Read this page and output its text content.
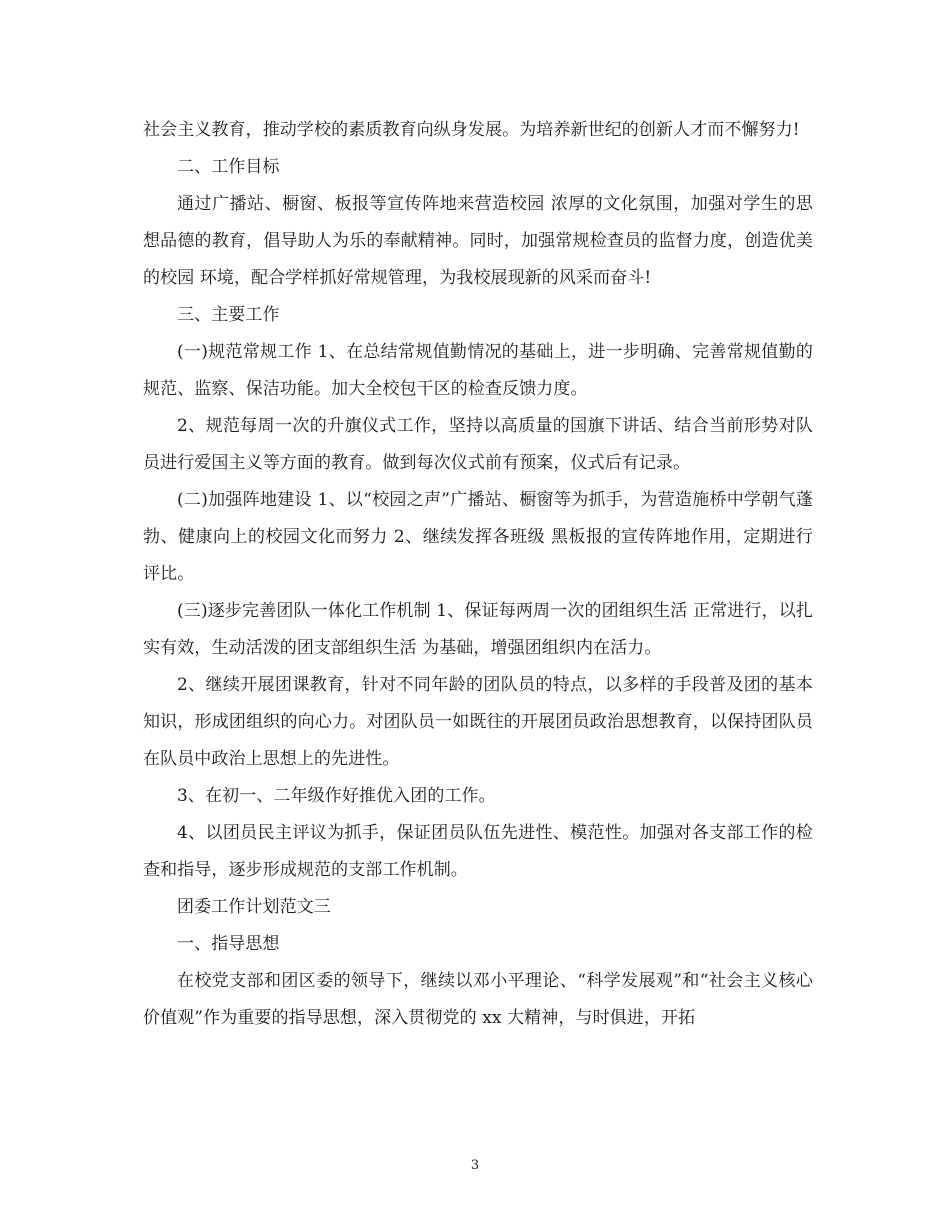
社会主义教育，推动学校的素质教育向纵身发展。为培养新世纪的创新人才而不懈努力!

二、工作目标

通过广播站、橱窗、板报等宣传阵地来营造校园 浓厚的文化氛围，加强对学生的思想品德的教育，倡导助人为乐的奉献精神。同时，加强常规检查员的监督力度，创造优美的校园 环境，配合学样抓好常规管理，为我校展现新的风采而奋斗!

三、主要工作

(一)规范常规工作 1、在总结常规值勤情况的基础上，进一步明确、完善常规值勤的规范、监察、保洁功能。加大全校包干区的检查反馈力度。

2、规范每周一次的升旗仪式工作，坚持以高质量的国旗下讲话、结合当前形势对队员进行爱国主义等方面的教育。做到每次仪式前有预案，仪式后有记录。

(二)加强阵地建设 1、以“校园之声”广播站、橱窗等为抓手，为营造施桥中学朝气蓬勃、健康向上的校园文化而努力 2、继续发挥各班级 黑板报的宣传阵地作用，定期进行评比。

(三)逐步完善团队一体化工作机制 1、保证每两周一次的团组织生活 正常进行，以扎实有效，生动活泼的团支部组织生活 为基础，增强团组织内在活力。

2、继续开展团课教育，针对不同年龄的团队员的特点，以多样的手段普及团的基本知识，形成团组织的向心力。对团队员一如既往的开展团员政治思想教育，以保持团队员在队员中政治上思想上的先进性。

3、在初一、二年级作好推优入团的工作。

4、以团员民主评议为抓手，保证团员队伍先进性、模范性。加强对各支部工作的检查和指导，逐步形成规范的支部工作机制。

团委工作计划范文三

一、指导思想

在校党支部和团区委的领导下，继续以邓小平理论、“科学发展观”和“社会主义核心价值观”作为重要的指导思想，深入贯彻党的 xx 大精神，与时俱进，开拓

3
